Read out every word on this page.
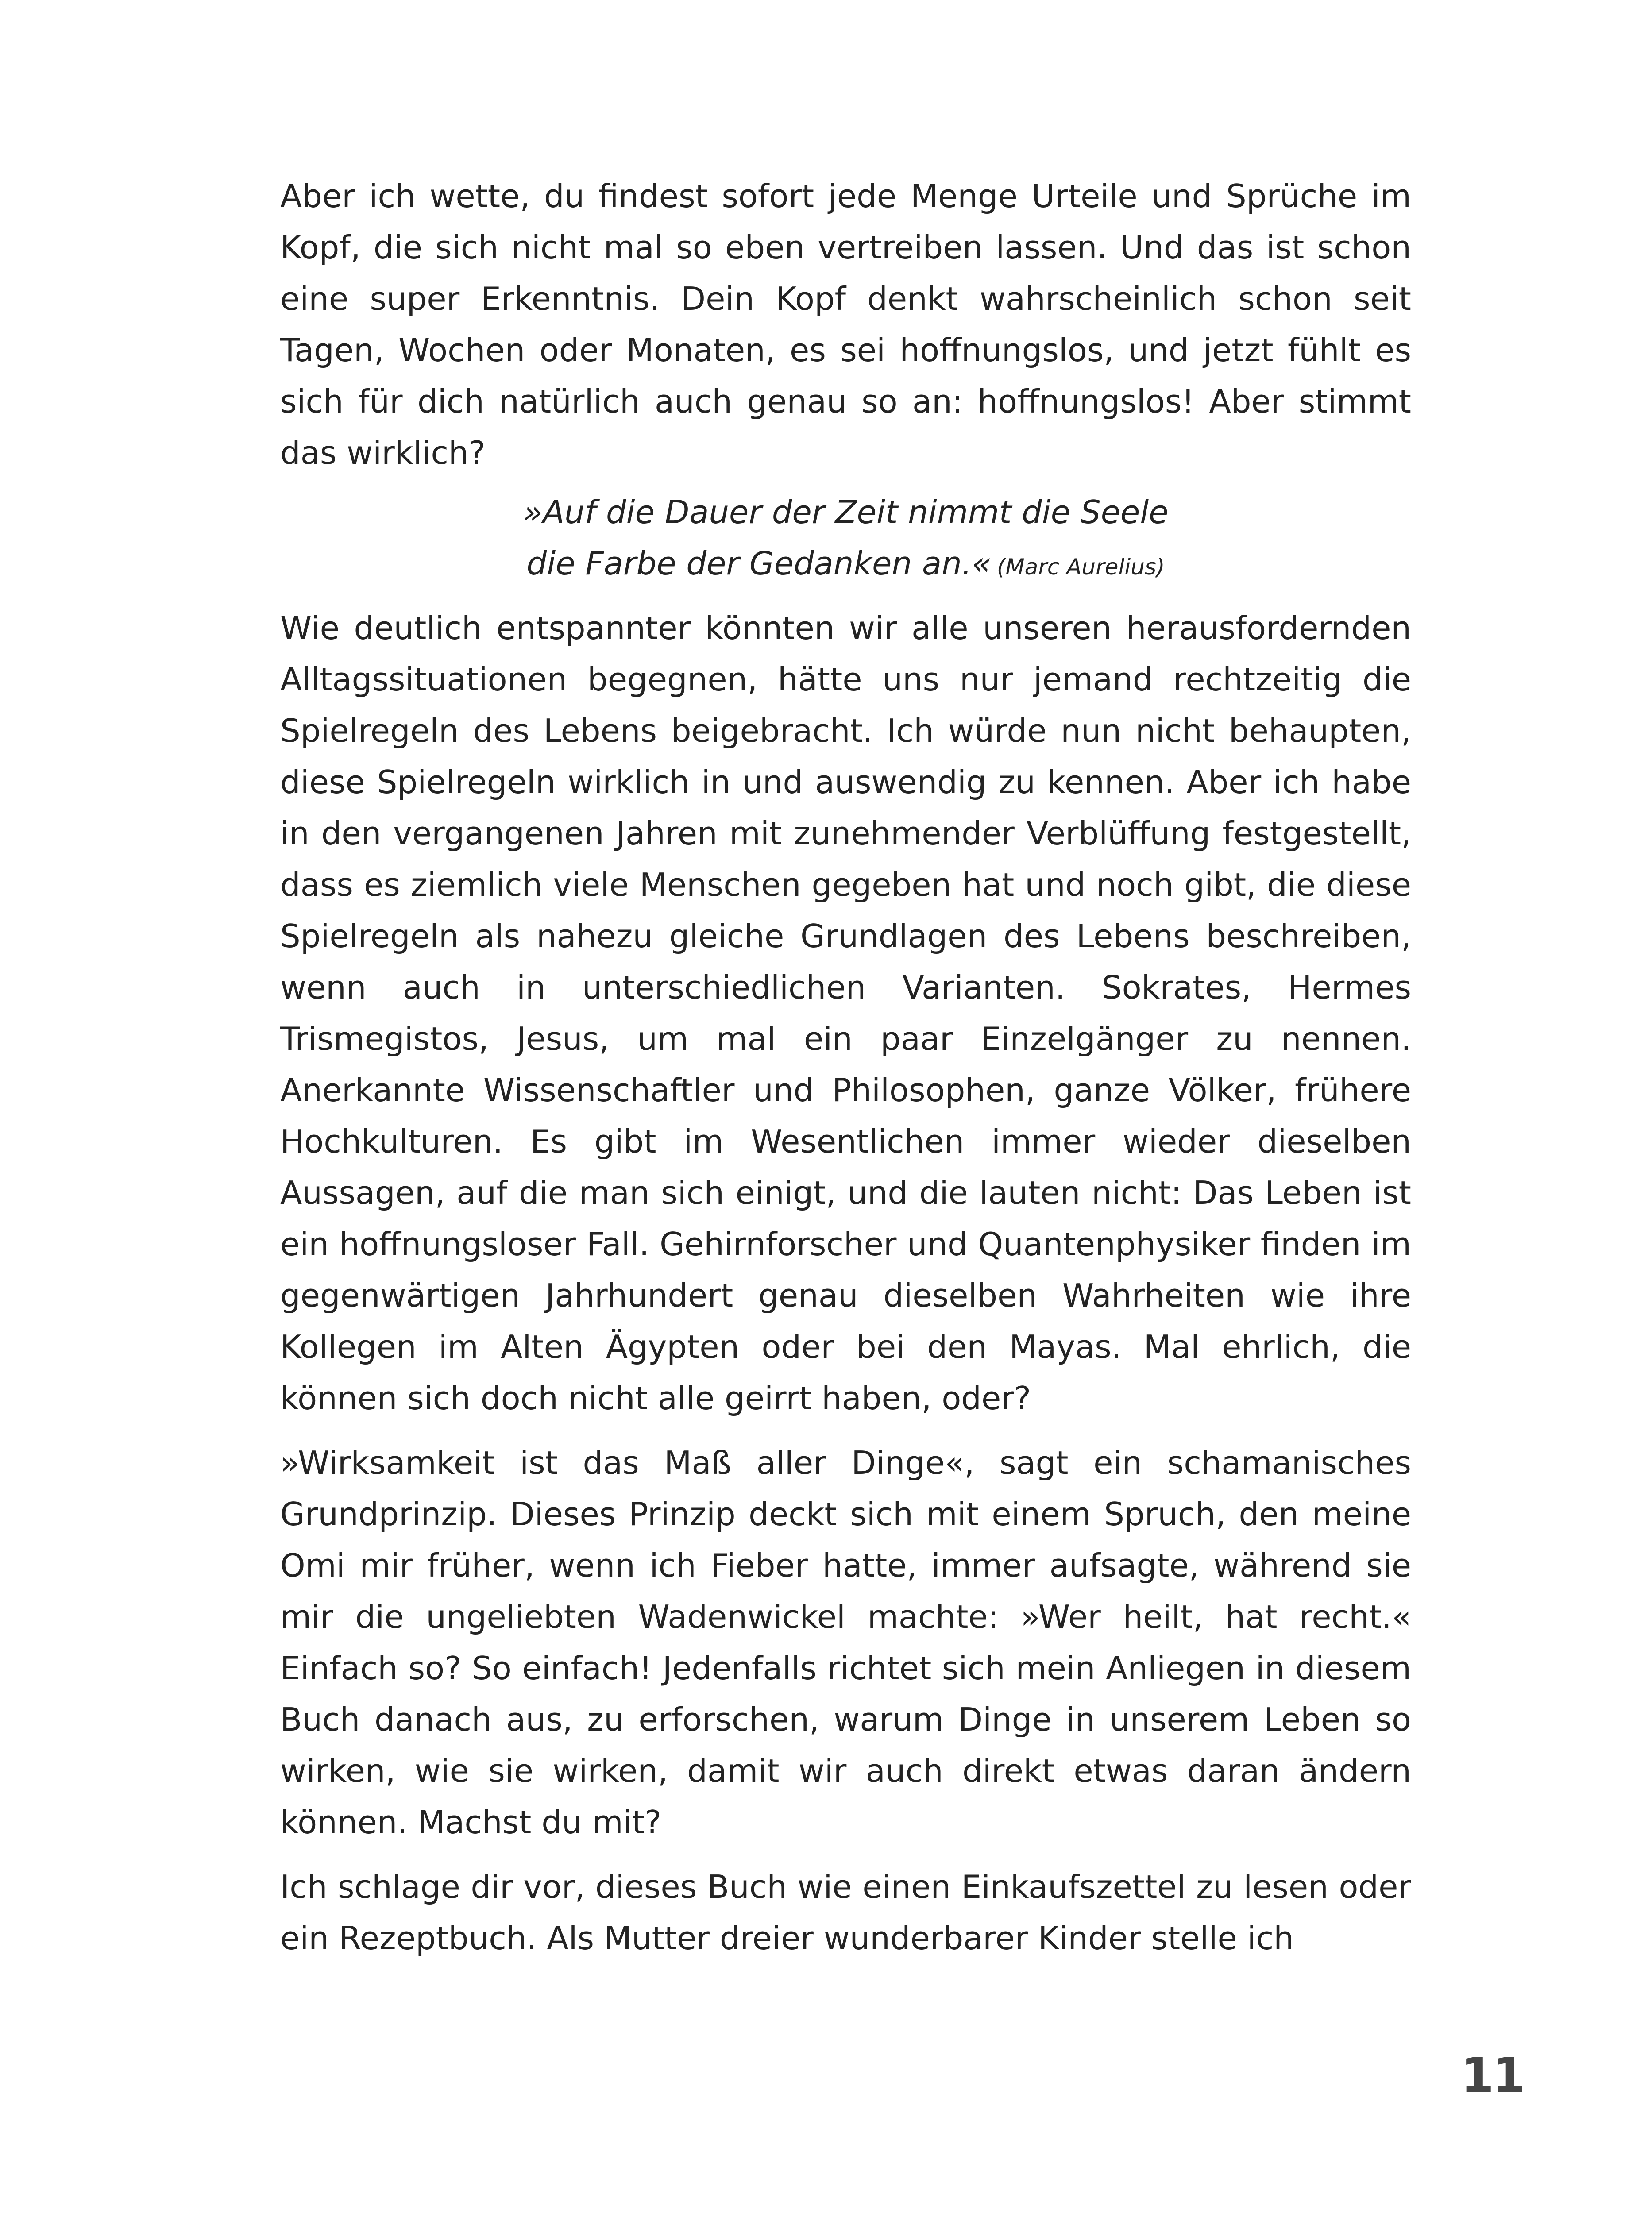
Aber ich wette, du findest sofort jede Menge Urteile und Sprüche im Kopf, die sich nicht mal so eben vertreiben lassen. Und das ist schon eine super Erkenntnis. Dein Kopf denkt wahrscheinlich schon seit Tagen, Wochen oder Monaten, es sei hoffnungslos, und jetzt fühlt es sich für dich natürlich auch genau so an: hoffnungslos! Aber stimmt das wirklich?

»Auf die Dauer der Zeit nimmt die Seele
die Farbe der Gedanken an.« (Marc Aurelius)

Wie deutlich entspannter könnten wir alle unseren herausfordernden Alltagssituationen begegnen, hätte uns nur jemand rechtzeitig die Spielregeln des Lebens beigebracht. Ich würde nun nicht behaupten, diese Spielregeln wirklich in und auswendig zu kennen. Aber ich habe in den vergangenen Jahren mit zunehmender Verblüffung festgestellt, dass es ziemlich viele Menschen gegeben hat und noch gibt, die diese Spielregeln als nahezu gleiche Grundlagen des Lebens beschreiben, wenn auch in unterschiedlichen Varianten. Sokrates, Hermes Trismegistos, Jesus, um mal ein paar Einzelgänger zu nennen. Anerkannte Wissenschaftler und Philosophen, ganze Völker, frühere Hochkulturen. Es gibt im Wesentlichen immer wieder dieselben Aussagen, auf die man sich einigt, und die lauten nicht: Das Leben ist ein hoffnungsloser Fall. Gehirnforscher und Quantenphysiker finden im gegenwärtigen Jahrhundert genau dieselben Wahrheiten wie ihre Kollegen im Alten Ägypten oder bei den Mayas. Mal ehrlich, die können sich doch nicht alle geirrt haben, oder?

»Wirksamkeit ist das Maß aller Dinge«, sagt ein schamanisches Grundprinzip. Dieses Prinzip deckt sich mit einem Spruch, den meine Omi mir früher, wenn ich Fieber hatte, immer aufsagte, während sie mir die ungeliebten Wadenwickel machte: »Wer heilt, hat recht.« Einfach so? So einfach! Jedenfalls richtet sich mein Anliegen in diesem Buch danach aus, zu erforschen, warum Dinge in unserem Leben so wirken, wie sie wirken, damit wir auch direkt etwas daran ändern können. Machst du mit?

Ich schlage dir vor, dieses Buch wie einen Einkaufszettel zu lesen oder ein Rezeptbuch. Als Mutter dreier wunderbarer Kinder stelle ich

11
